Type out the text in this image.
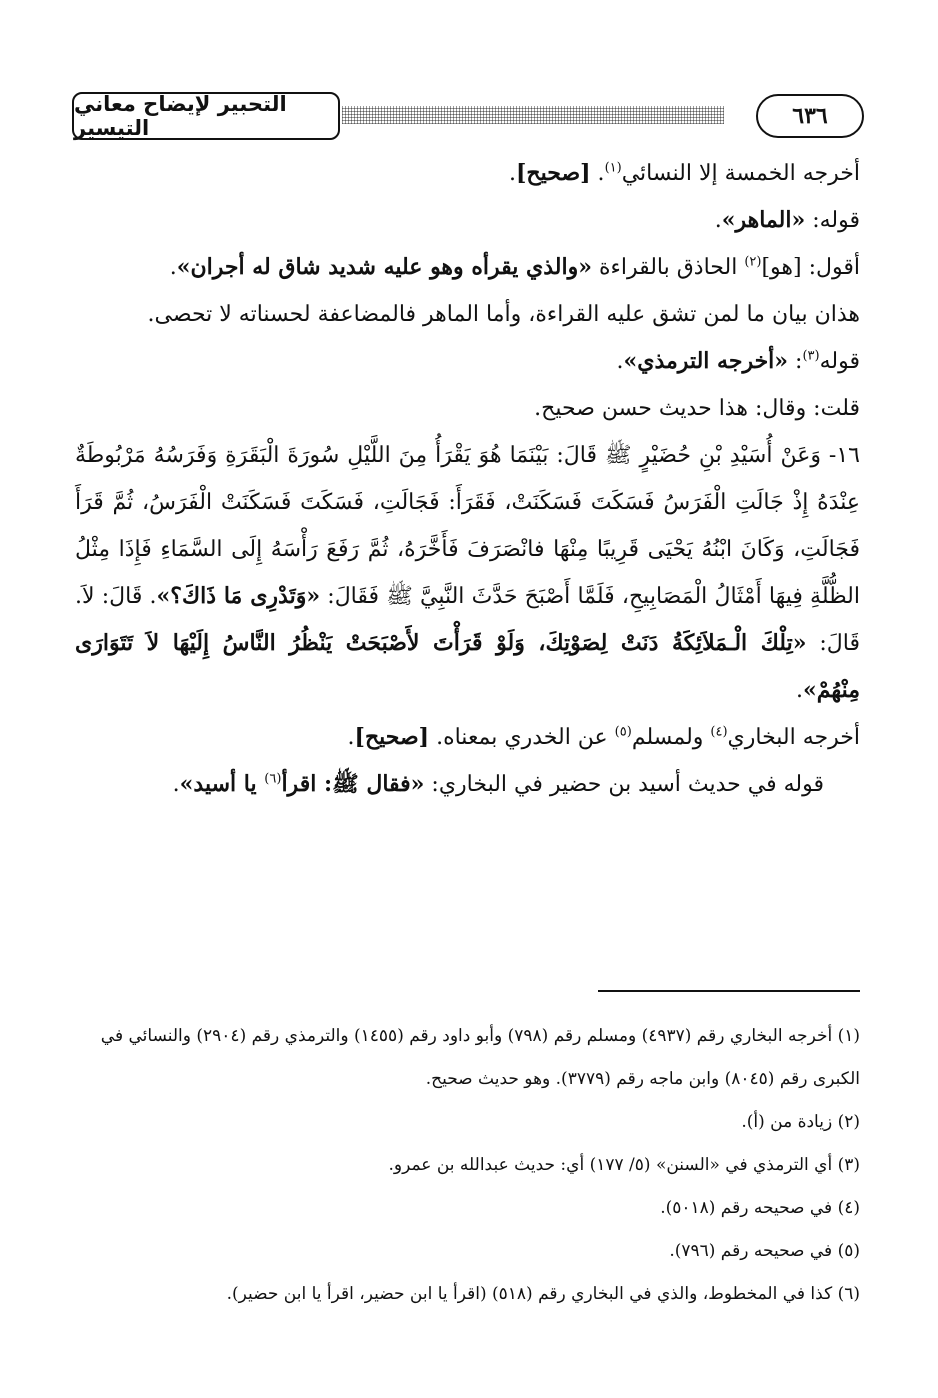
التحبير لإيضاح معاني التيسير	٦٣٦

أخرجه الخمسة إلا النسائي$^{(١)}$. [صحيح].

قوله: «الماهر».

أقول: [هو]$^{(٢)}$ الحاذق بالقراءة «والذي يقرأه وهو عليه شديد شاق له أجران».

هذان بيان ما لمن تشق عليه القراءة، وأما الماهر فالمضاعفة لحسناته لا تحصى.

قوله$^{(٣)}$: «أخرجه الترمذي».

قلت: وقال: هذا حديث حسن صحيح.

١٦- وَعَنْ أُسَيْدِ بْنِ حُضَيْرٍ ﷺ قَالَ: بَيْنَمَا هُوَ يَقْرَأُ مِنَ اللَّيْلِ سُورَةَ الْبَقَرَةِ وَفَرَسُهُ مَرْبُوطَةٌ عِنْدَهُ إِذْ جَالَتِ الْفَرَسُ فَسَكَتَ فَسَكَنَتْ، فَقَرَأَ: فَجَالَتِ، فَسَكَتَ فَسَكَنَتْ الْفَرَسُ، ثُمَّ قَرَأَ فَجَالَتِ، وَكَانَ ابْنُهُ يَحْيَى قَرِيبًا مِنْهَا فانْصَرَفَ فَأَخَّرَهُ، ثُمَّ رَفَعَ رَأْسَهُ إِلَى السَّمَاءِ فَإِذَا مِثْلُ الظُّلَّةِ فِيهَا أَمْثَالُ الْمَصَابِيحِ، فَلَمَّا أَصْبَحَ حَدَّثَ النَّبِيَّ ﷺ فَقَالَ: «وَتَدْرِى مَا ذَاكَ؟». قَالَ: لاَ. قَالَ: «تِلْكَ الْـمَلاَئِكَةُ دَنَتْ لِصَوْتِكَ، وَلَوْ قَرَأْتَ لأَصْبَحَتْ يَنْظُرُ النَّاسُ إِلَيْهَا لاَ تَتَوَارَى مِنْهُمْ».

أخرجه البخاري$^{(٤)}$ ولمسلم$^{(٥)}$ عن الخدري بمعناه. [صحيح].

قوله في حديث أسيد بن حضير في البخاري: «فقال ﷺ: اقرأ$^{(٦)}$ يا أسيد».

(١) أخرجه البخاري رقم (٤٩٣٧) ومسلم رقم (٧٩٨) وأبو داود رقم (١٤٥٥) والترمذي رقم (٢٩٠٤) والنسائي في الكبرى رقم (٨٠٤٥) وابن ماجه رقم (٣٧٧٩). وهو حديث صحيح.

(٢) زيادة من (أ).

(٣) أي الترمذي في «السنن» (٥/ ١٧٧) أي: حديث عبدالله بن عمرو.

(٤) في صحيحه رقم (٥٠١٨).

(٥) في صحيحه رقم (٧٩٦).

(٦) كذا في المخطوط، والذي في البخاري رقم (٥١٨) (اقرأ يا ابن حضير، اقرأ يا ابن حضير).
